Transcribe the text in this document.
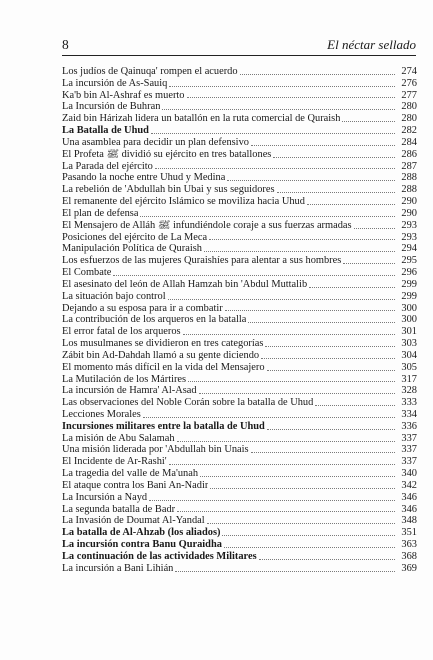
8	El néctar sellado
Los judíos de Qainuqa' rompen el acuerdo	274
La incursión de As-Sauiq	276
Ka'b bin Al-Ashraf es muerto	277
La Incursión de Buhran	280
Zaid bin Hárizah lidera un batallón en la ruta comercial de Quraish	280
La Batalla de Uhud	282
Una asamblea para decidir un plan defensivo	284
El Profeta ﷺ dividió su ejército en tres batallones	286
La Parada del ejército	287
Pasando la noche entre Uhud y Medina	288
La rebelión de 'Abdullah bin Ubai y sus seguidores	288
El remanente del ejército Islámico se moviliza hacia Uhud	290
El plan de defensa	290
El Mensajero de Alláh ﷺ infundiéndole coraje a sus fuerzas armadas	293
Posiciones del ejército de La Meca	293
Manipulación Política de Quraish	294
Los esfuerzos de las mujeres Quraishíes para alentar a sus hombres	295
El Combate	296
El asesinato del león de Allah Hamzah bin 'Abdul Muttalib	299
La situación bajo control	299
Dejando a su esposa para ir a combatir	300
La contribución de los arqueros en la batalla	300
El error fatal de los arqueros	301
Los musulmanes se dividieron en tres categorías	303
Zábit bin Ad-Dahdah llamó a su gente diciendo	304
El momento más difícil en la vida del Mensajero	305
La Mutilación de los Mártires	317
La incursión de Hamra' Al-Asad	328
Las observaciones del Noble Corán sobre la batalla de Uhud	333
Lecciones Morales	334
Incursiones militares entre la batalla de Uhud	336
La misión de Abu Salamah	337
Una misión liderada por 'Abdullah bin Unais	337
El Incidente de Ar-Rashi'	337
La tragedia del valle de Ma'unah	340
El ataque contra los Bani An-Nadir	342
La Incursión a Nayd	346
La segunda batalla de Badr	346
La Invasión de Doumat Al-Yandal	348
La batalla de Al-Ahzab (los aliados)	351
La incursión contra Banu Quraidha	363
La continuación de las actividades Militares	368
La incursión a Bani Lihián	369
